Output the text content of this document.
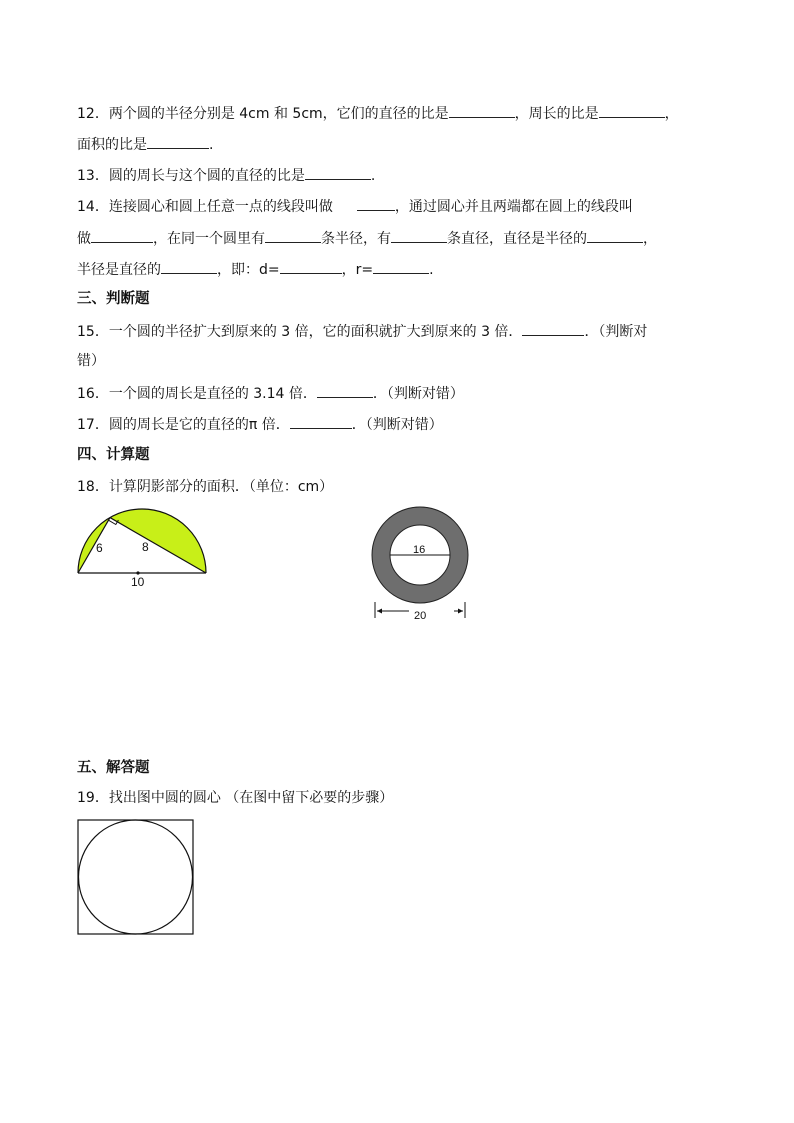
12．两个圆的半径分别是 4cm 和 5cm，它们的直径的比是	，周长的比是	，
面积的比是	.
13．圆的周长与这个圆的直径的比是	.
14．连接圆心和圆上任意一点的线段叫做	，通过圆心并且两端都在圆上的线段叫
做	，在同一个圆里有	条半径，有	条直径，直径是半径的	，
半径是直径的	，即：d=	，r=	.
三、判断题
15．一个圆的半径扩大到原来的 3 倍，它的面积就扩大到原来的 3 倍．	．（判断对
错）
16．一个圆的周长是直径的 3.14 倍．	．（判断对错）
17．圆的周长是它的直径的π 倍．	．（判断对错）
四、计算题
18．计算阴影部分的面积．（单位：cm）
6	8
10
16
20
五、解答题
19．找出图中圆的圆心 （在图中留下必要的步骤）
